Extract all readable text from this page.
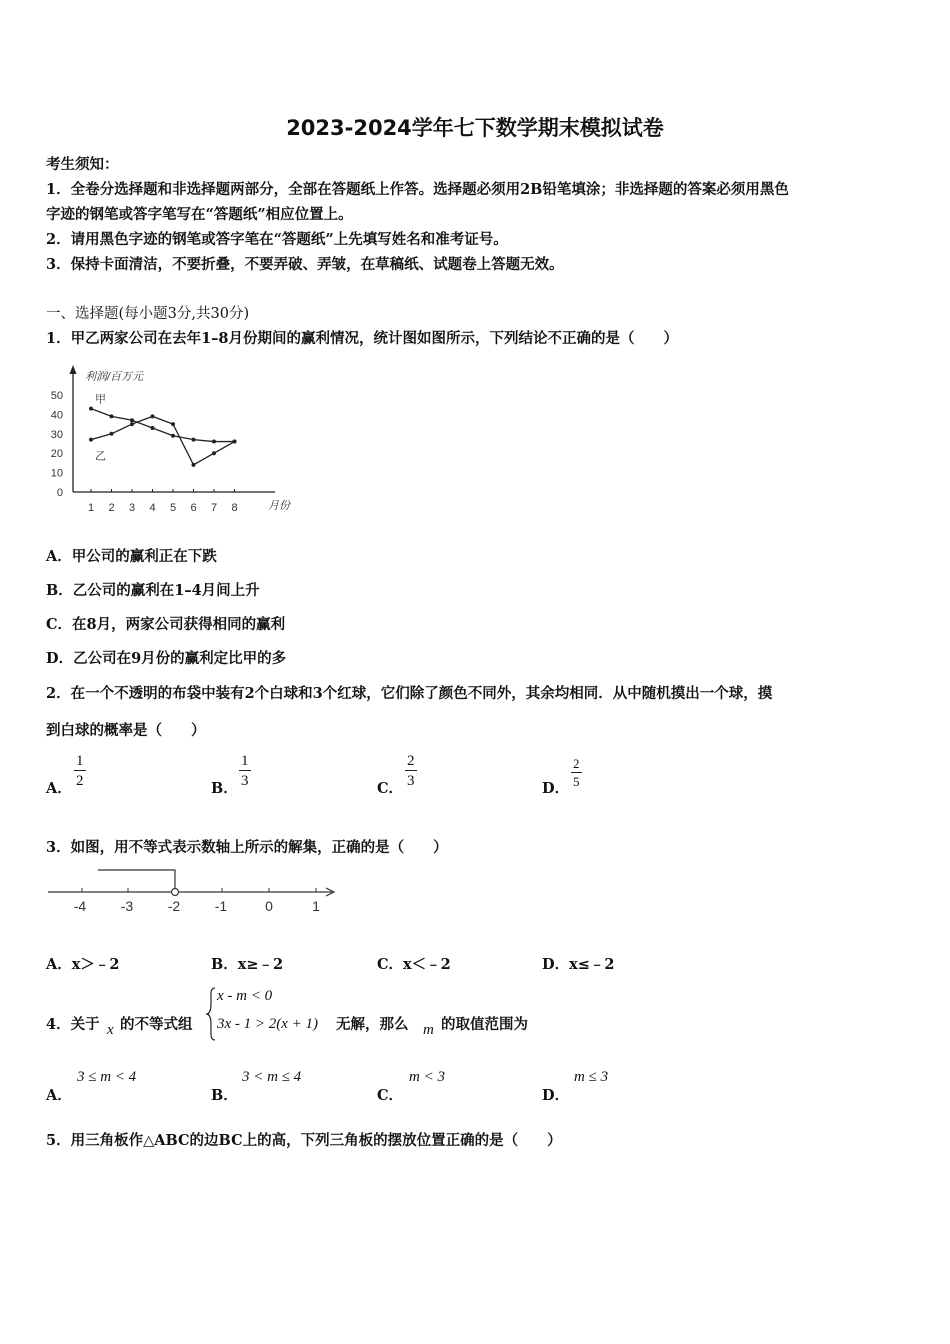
2023-2024学年七下数学期末模拟试卷
考生须知：
1．全卷分选择题和非选择题两部分，全部在答题纸上作答。选择题必须用2B铅笔填涂；非选择题的答案必须用黑色
字迹的钢笔或答字笔写在“答题纸”相应位置上。
2．请用黑色字迹的钢笔或答字笔在“答题纸”上先填写姓名和准考证号。
3．保持卡面清洁，不要折叠，不要弄破、弄皱，在草稿纸、试题卷上答题无效。
一、选择题(每小题3分,共30分)
1．甲乙两家公司在去年1–8月份期间的赢利情况，统计图如图所示，下列结论不正确的是（　　）
0
10
20
30
40
50
1 2 3 4 5 6 7 8
利润/百万元
月份
甲
乙
A．甲公司的赢利正在下跌
B．乙公司的赢利在1–4月间上升
C．在8月，两家公司获得相同的赢利
D．乙公司在9月份的赢利定比甲的多
2．在一个不透明的布袋中装有2个白球和3个红球，它们除了颜色不同外，其余均相同．从中随机摸出一个球，摸
到白球的概率是（　　）
A． $\frac{1}{2}$	B． $\frac{1}{3}$	C． $\frac{2}{3}$	D． $\frac{2}{5}$
3．如图，用不等式表示数轴上所示的解集，正确的是（　　）
-4 -3 -2 -1	0	1
A．x＞﹣2	B．x≥﹣2	C．x＜﹣2	D．x≤﹣2
4．关于 x 的不等式组
x - m < 0
3x - 1 > 2(x + 1) 无解，那么 m 的取值范围为
A．
3 ≤ m < 4
B．
3 < m ≤ 4
C．
m < 3
D．
m ≤ 3
5．用三角板作△ABC的边BC上的高，下列三角板的摆放位置正确的是（　　）
